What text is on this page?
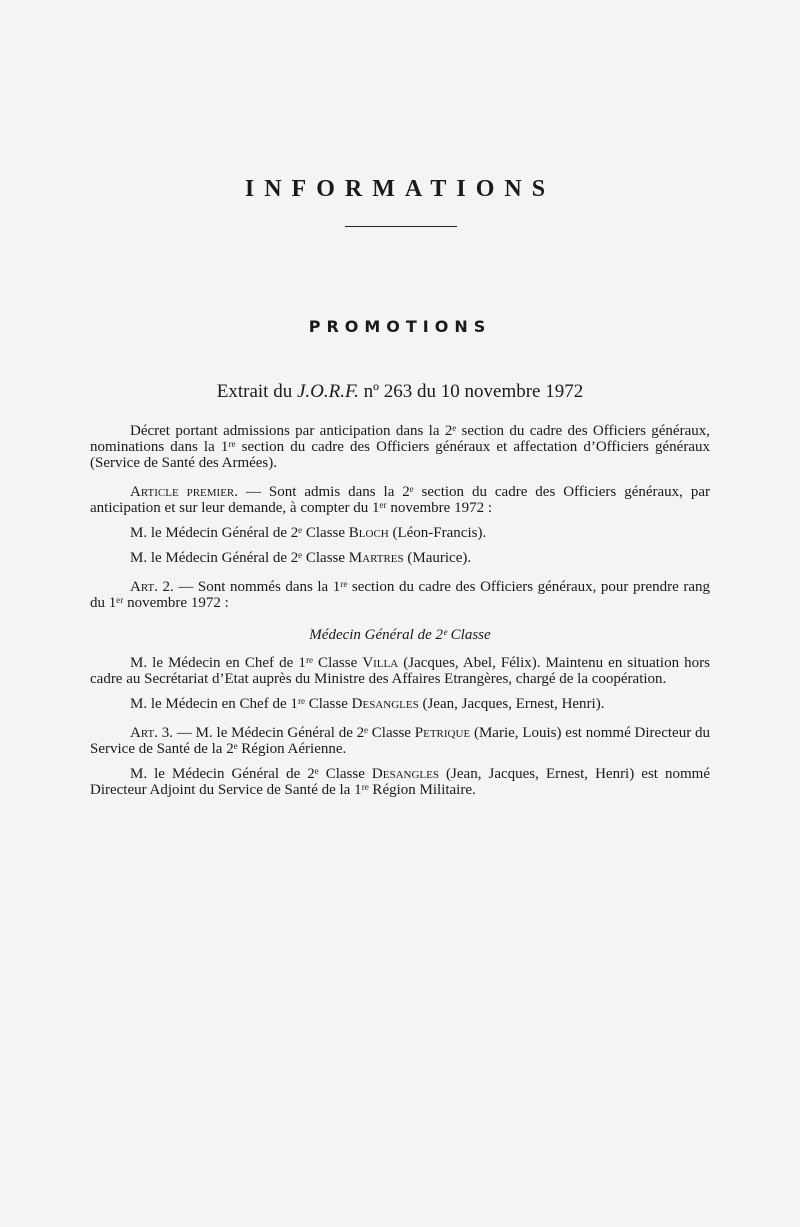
INFORMATIONS
PROMOTIONS
Extrait du J.O.R.F. nº 263 du 10 novembre 1972

Décret portant admissions par anticipation dans la 2ᵉ section du cadre des Officiers généraux, nominations dans la 1ʳᵉ section du cadre des Officiers généraux et affectation d’Officiers généraux (Service de Santé des Armées).

Article premier. — Sont admis dans la 2ᵉ section du cadre des Officiers généraux, par anticipation et sur leur demande, à compter du 1ᵉʳ novembre 1972 :

M. le Médecin Général de 2ᵉ Classe Bloch (Léon-Francis).

M. le Médecin Général de 2ᵉ Classe Martres (Maurice).

Art. 2. — Sont nommés dans la 1ʳᵉ section du cadre des Officiers généraux, pour prendre rang du 1ᵉʳ novembre 1972 :

Médecin Général de 2ᵉ Classe

M. le Médecin en Chef de 1ʳᵉ Classe Villa (Jacques, Abel, Félix). Maintenu en situation hors cadre au Secrétariat d’Etat auprès du Ministre des Affaires Etrangères, chargé de la coopération.

M. le Médecin en Chef de 1ʳᵉ Classe Desangles (Jean, Jacques, Ernest, Henri).

Art. 3. — M. le Médecin Général de 2ᵉ Classe Petrique (Marie, Louis) est nommé Directeur du Service de Santé de la 2ᵉ Région Aérienne.

M. le Médecin Général de 2ᵉ Classe Desangles (Jean, Jacques, Ernest, Henri) est nommé Directeur Adjoint du Service de Santé de la 1ʳᵉ Région Militaire.
